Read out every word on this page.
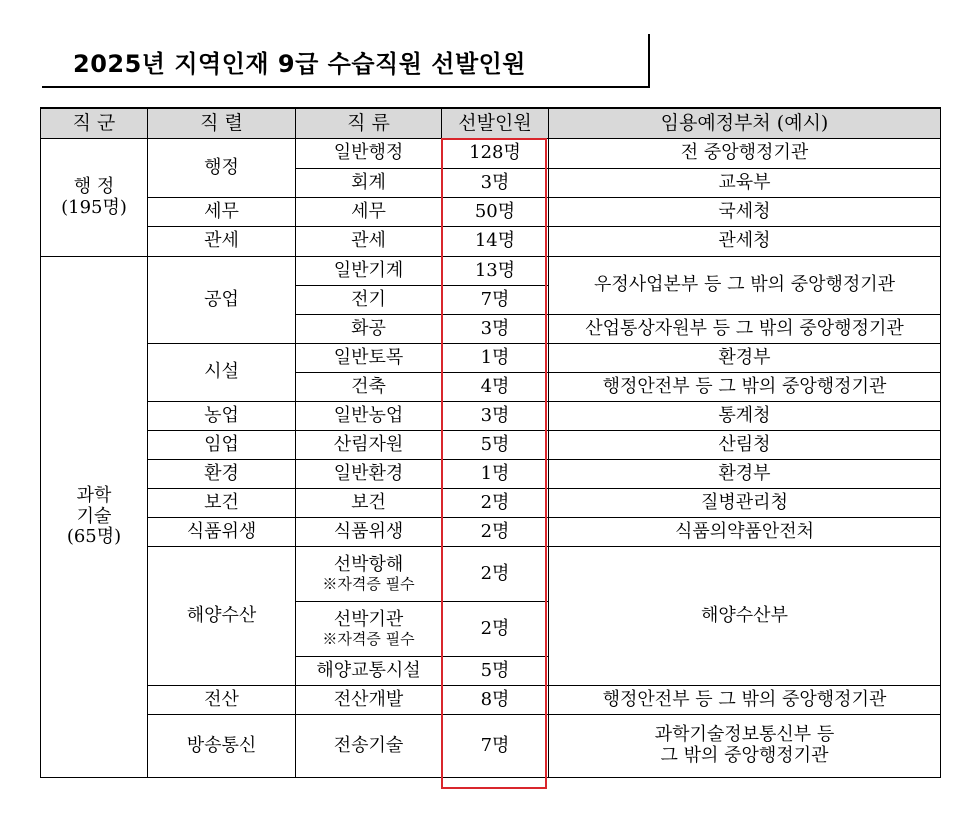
2025년 지역인재 9급 수습직원 선발인원
직 군	직 렬	직 류	선발인원	임용예정부처 (예시)
행 정
(195명)	행정	일반행정	128명	전 중앙행정기관
		회계	3명	교육부
	세무	세무	50명	국세청
	관세	관세	14명	관세청
과학
기술
(65명)	공업	일반기계	13명	우정사업본부 등 그 밖의 중앙행정기관
		전기	7명	
		화공	3명	산업통상자원부 등 그 밖의 중앙행정기관
	시설	일반토목	1명	환경부
		건축	4명	행정안전부 등 그 밖의 중앙행정기관
	농업	일반농업	3명	통계청
	임업	산림자원	5명	산림청
	환경	일반환경	1명	환경부
	보건	보건	2명	질병관리청
	식품위생	식품위생	2명	식품의약품안전처
	해양수산	선박항해
※자격증 필수	2명	해양수산부
		선박기관
※자격증 필수	2명	
		해양교통시설	5명	
	전산	전산개발	8명	행정안전부 등 그 밖의 중앙행정기관
	방송통신	전송기술	7명	과학기술정보통신부 등
그 밖의 중앙행정기관
